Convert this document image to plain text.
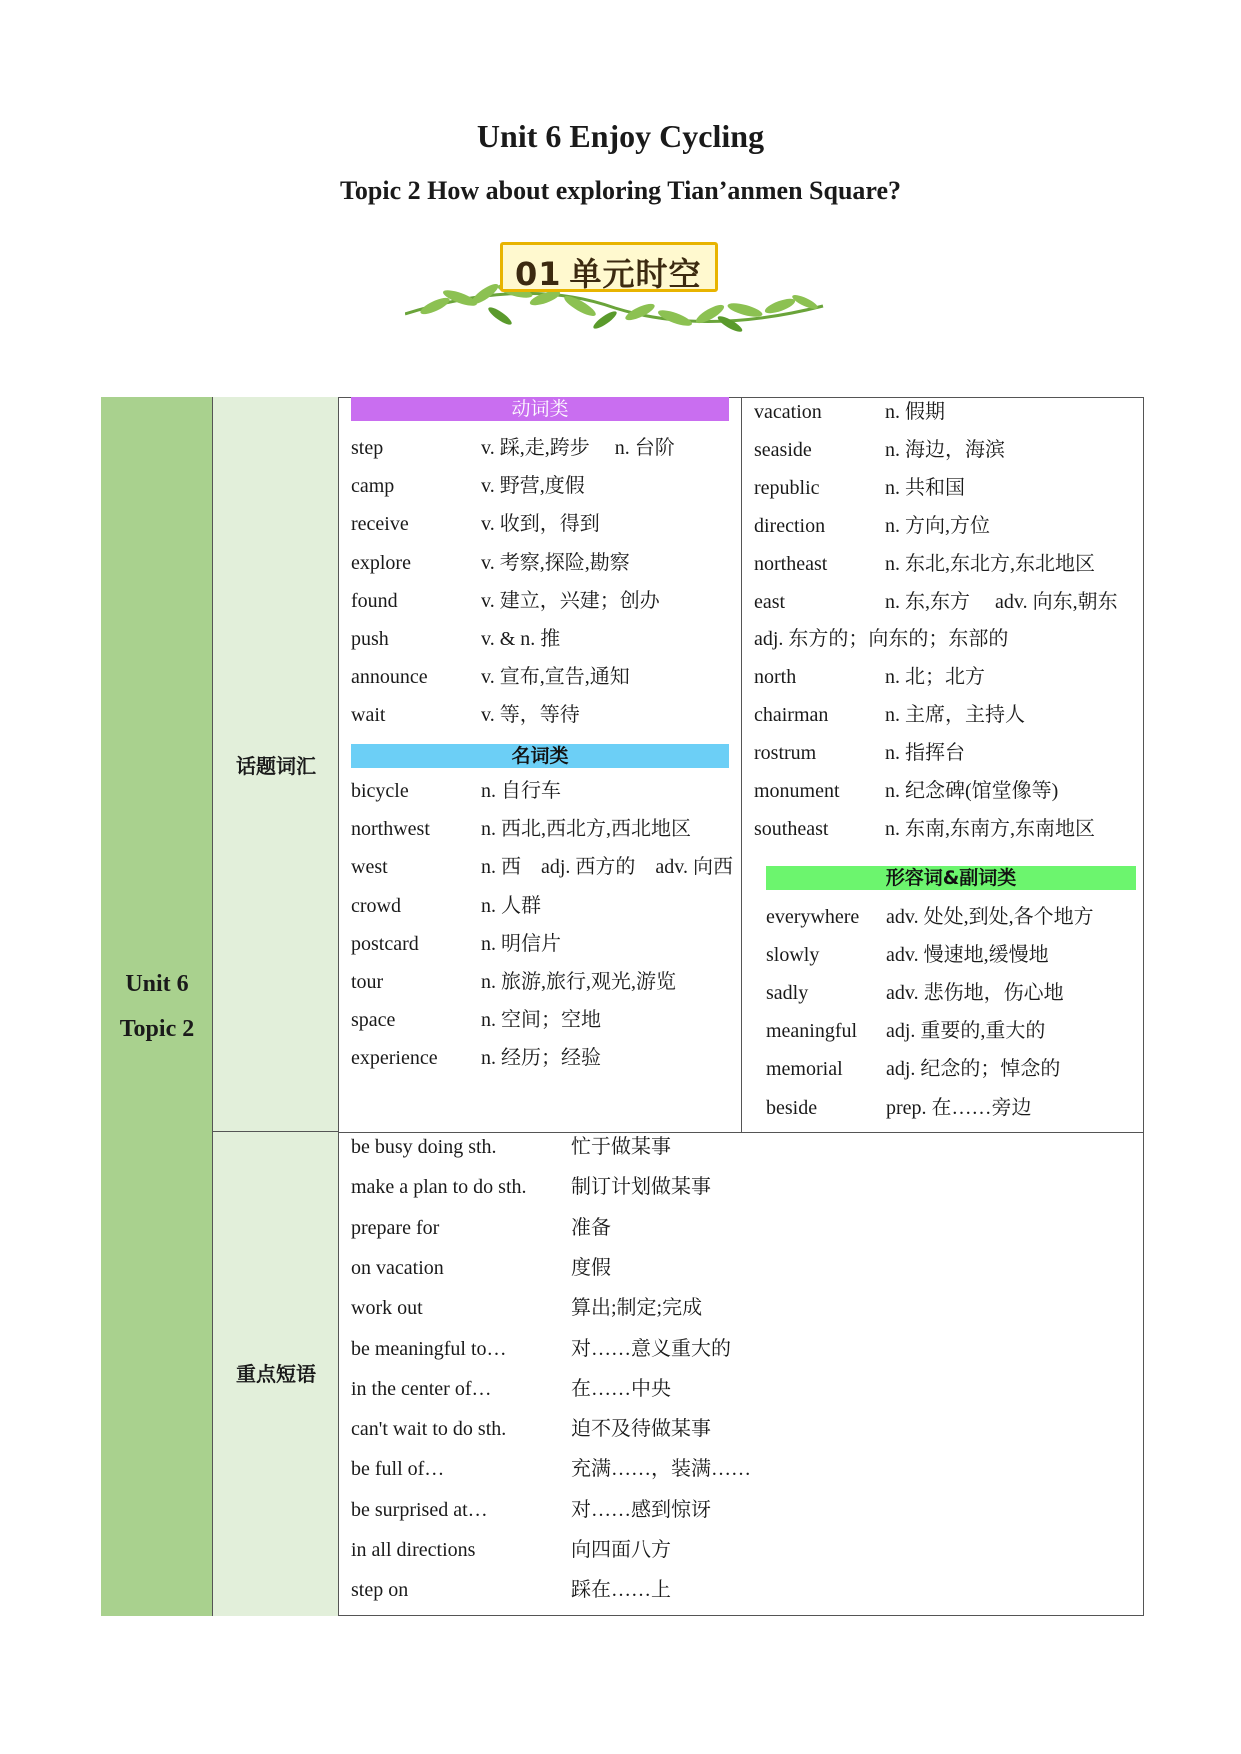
Unit 6 Enjoy Cycling
Topic 2 How about exploring Tian’anmen Square?
01 单元时空
Unit 6
Topic 2
话题词汇
重点短语
动词类
名词类
形容词&副词类
step	v. 踩,走,跨步　 n. 台阶
camp	v. 野营,度假
receive	v. 收到，得到
explore	v. 考察,探险,勘察
found	v. 建立，兴建；创办
push	v. & n. 推
announce	v. 宣布,宣告,通知
wait	v. 等，等待
bicycle	n. 自行车
northwest	n. 西北,西北方,西北地区
west	n. 西　adj. 西方的　adv. 向西
crowd	n. 人群
postcard	n. 明信片
tour	n. 旅游,旅行,观光,游览
space	n. 空间；空地
experience n. 经历；经验
vacation	n. 假期
seaside	n. 海边，海滨
republic	n. 共和国
direction	n. 方向,方位
northeast	n. 东北,东北方,东北地区
east	n. 东,东方　 adv. 向东,朝东
adj. 东方的；向东的；东部的
north	n. 北；北方
chairman	n. 主席，主持人
rostrum	n. 指挥台
monument n. 纪念碑(馆堂像等)
southeast	n. 东南,东南方,东南地区
everywhere adv. 处处,到处,各个地方
slowly	adv. 慢速地,缓慢地
sadly	adv. 悲伤地，伤心地
meaningful adj. 重要的,重大的
memorial adj. 纪念的；悼念的
beside	prep. 在……旁边
be busy doing sth.	忙于做某事
make a plan to do sth. 制订计划做某事
prepare for	准备
on vacation	度假
work out	算出;制定;完成
be meaningful to…	对……意义重大的
in the center of…	在……中央
can't wait to do sth.	迫不及待做某事
be full of…	充满……，装满……
be surprised at…	对……感到惊讶
in all directions	向四面八方
step on	踩在……上
